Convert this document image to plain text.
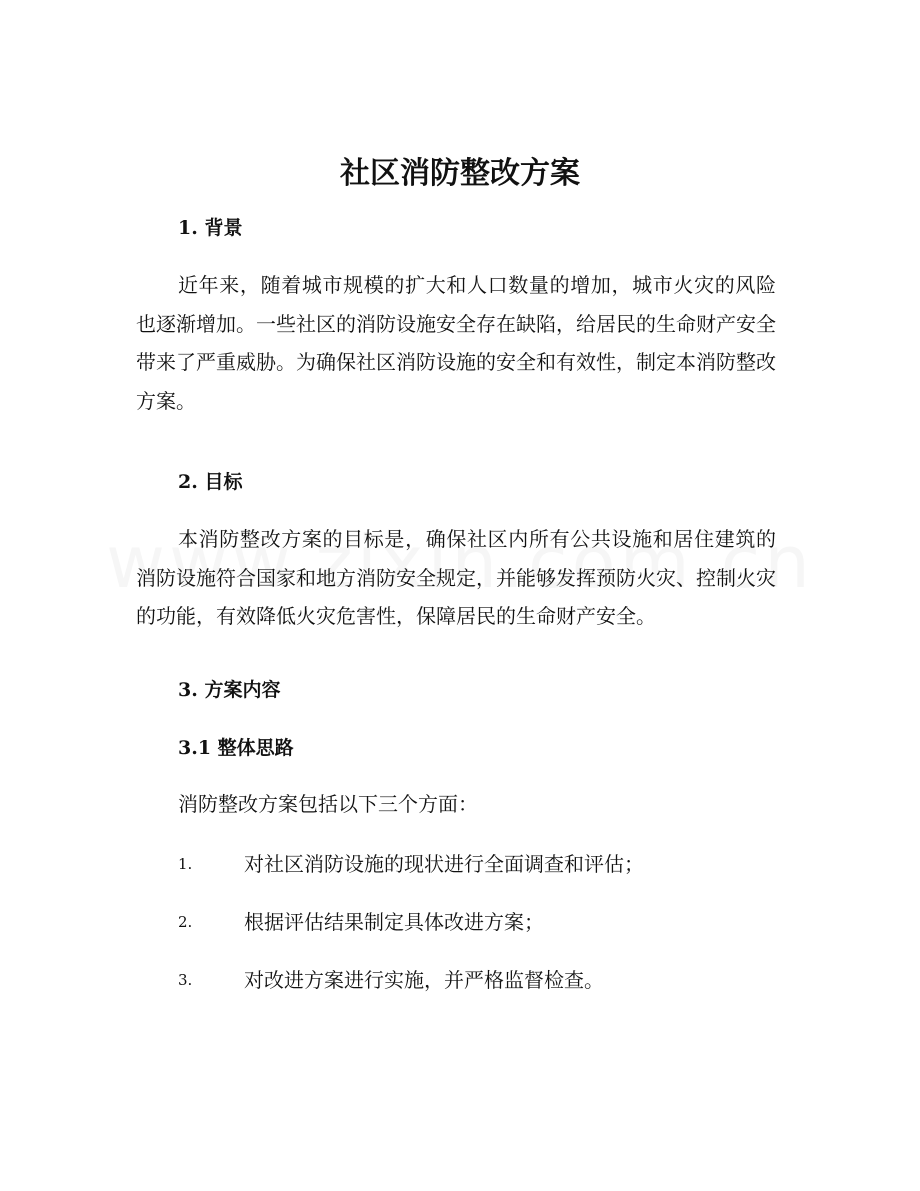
社区消防整改方案
1. 背景

近年来，随着城市规模的扩大和人口数量的增加，城市火灾的风险也逐渐增加。一些社区的消防设施安全存在缺陷，给居民的生命财产安全带来了严重威胁。为确保社区消防设施的安全和有效性，制定本消防整改方案。

2. 目标

本消防整改方案的目标是，确保社区内所有公共设施和居住建筑的消防设施符合国家和地方消防安全规定，并能够发挥预防火灾、控制火灾的功能，有效降低火灾危害性，保障居民的生命财产安全。

3. 方案内容
3.1 整体思路

消防整改方案包括以下三个方面：

1.	对社区消防设施的现状进行全面调查和评估；
2.	根据评估结果制定具体改进方案；
3.	对改进方案进行实施，并严格监督检查。
